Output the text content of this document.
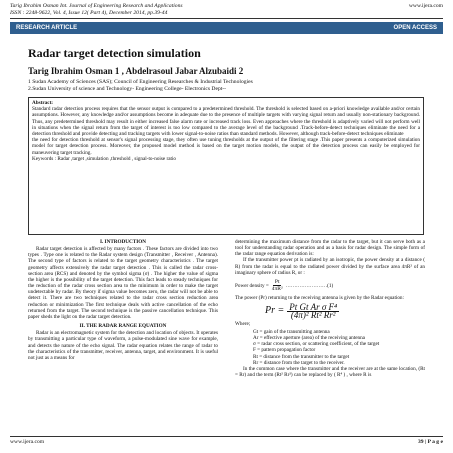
Tarig Ibrahim Osman Int. Journal of Engineering Research and Applications
ISSN : 2248-9622, Vol. 4, Issue 12( Part 4), December 2014, pp.39-44
www.ijera.com
RESEARCH ARTICLE	OPEN ACCESS
Radar target detection simulation
Tarig Ibrahim Osman 1 , Abdelrasoul Jabar Alzubaidi 2
1 Sudan Academy of Sciences (SAS); Council of Engineering Researches & Industrial Technologies
2.Sudan University of science and Technology- Engineering College- Electronics Dept--
Abstract:
Standard radar detection process requires that the sensor output is compared to a predetermined threshold. The threshold is selected based on a-priori knowledge available and/or certain assumptions. However, any knowledge and/or assumptions become in adequate due to the presence of multiple targets with varying signal return and usually non-stationary background. Thus, any predetermined threshold may result in either increased false alarm rate or increased track loss. Even approaches where the threshold is adaptively varied will not perform well in situations when the signal return from the target of interest is too low compared to the average level of the background .Track-before-detect techniques eliminate the need for a detection threshold and provide detecting and tracking targets with lower signal-to-noise ratios than standard methods. However, although track-before-detect techniques eliminate
the need for detection threshold at sensor's signal processing stage, they often use tuning thresholds at the output of the filtering stage .This paper presents a computerized simulation model for target detection process. Moreover, the proposed model method is based on the target motion models, the output of the detection process can easily be employed for maneuvering target tracking.
Keywords : Radar ,target ,simulation ,threshold , signal-to-noise ratio
I. INTRODUCTION

Radar target detection is affected by many factors . These factors are divided into two types . Type one is related to the Radar system design (Transmitter , Receiver , Antenna). The second type of factors is related to the target geometry characteristics . The target geometry affects extensively the radar target detection . This is called the radar cross-section area (RCS) and denoted by the symbol sigma (σ) . The higher the value of sigma the higher is the possibility of the target detection. This fact leads to steady techniques for the reduction of the radar cross section area to the minimum in order to make the target undetectable by radar. By theory if sigma value becomes zero, the radar will not be able to detect it. There are two techniques related to the radar cross section reduction area reduction or minimization The first technique deals with active cancellation of the echo returned from the target. The second technique is the passive cancellation technique. This paper sheds the light on the radar target detection.

II. THE RADAR RANGE EQUATION

Radar is an electromagnetic system for the detection and location of objects. It operates by transmitting a particular type of waveform, a pulse-modulated sine wave for example, and detects the nature of the echo signal. The radar equation relates the range of radar to the characteristics of the transmitter, receiver, antenna, target, and environment. It is useful not just as a means for

determining the maximum distance from the radar to the target, but it can serve both as a tool for understanding radar operation and as a basis for radar design. The simple form of the radar range equation derivation is:

If the transmitter power pt is radiated by an isotropic, the power density at a distance ( R) from the radar is equal to the radiated power divided by the surface area 4πR² of an imaginary sphere of radius R, or :

Power density = $\frac{Pt}{\text{4πR²}}$ ……………………(1)

The power (Pr) returning to the receiving antenna is given by the Radar equation:

$Pr = \frac{\text{Pt Gt Ar σ F⁴}}{\text{(4π)² Rt² Rr²}}$
Where;
Gt = gain of the transmitting antenna
Ar = effective aperture (area) of the receiving antenna
σ = radar cross section, or scattering coefficient, of the target
F = pattern propagation factor
Rt = distance from the transmitter to the target
Rr = distance from the target to the receiver.

In the common case where the transmitter and the receiver are at the same location, (Rt = Rr) and the term (Rt² Rr²) can be replaced by ( R⁴ ) , where R is

www.ijera.com	39 | P a g e
